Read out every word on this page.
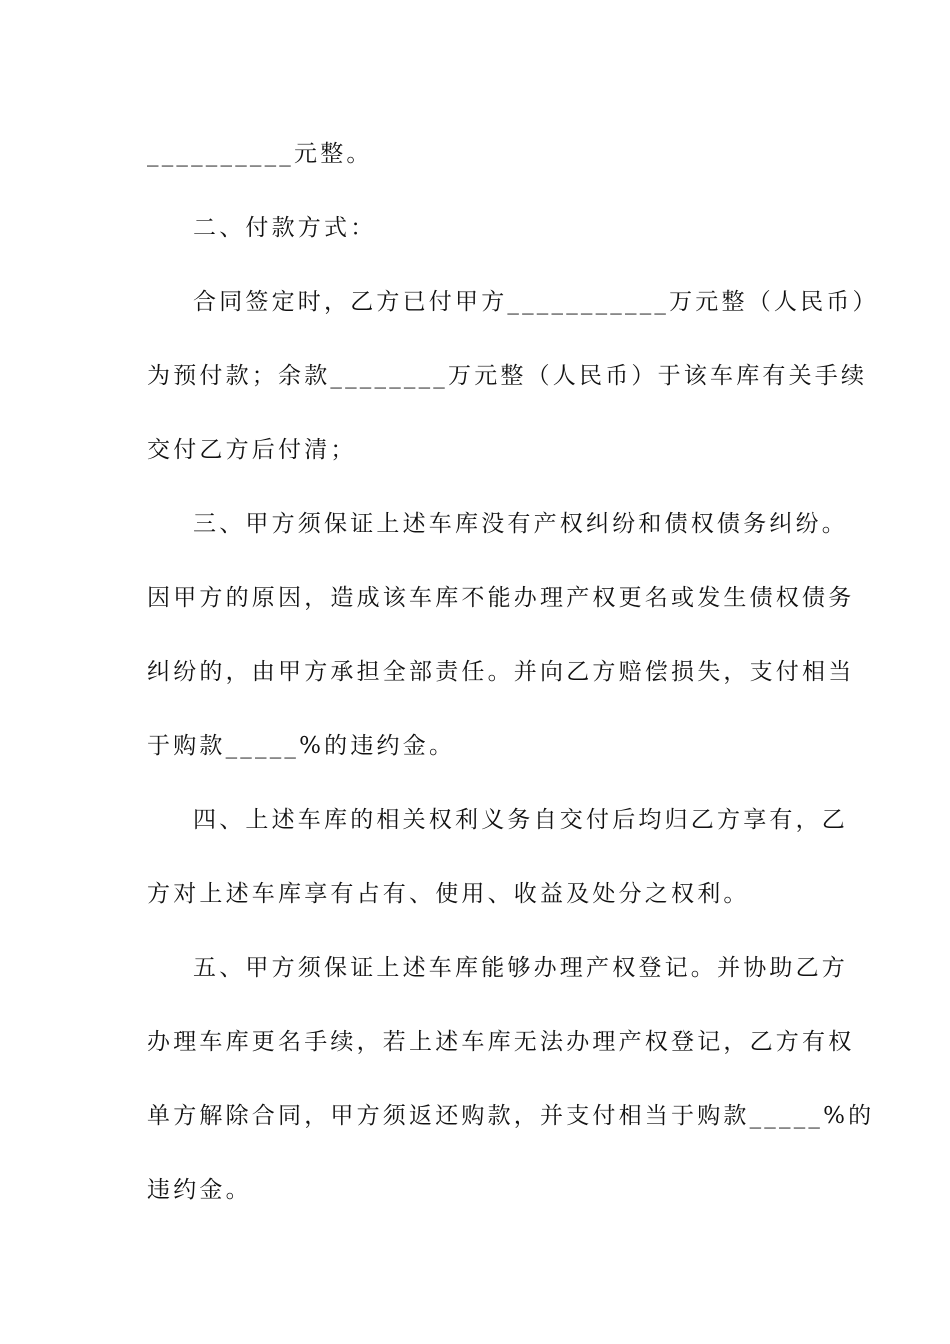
__________元整。
二、付款方式：
合同签定时，乙方已付甲方___________万元整（人民币）
为预付款；余款________万元整（人民币）于该车库有关手续
交付乙方后付清；
三、甲方须保证上述车库没有产权纠纷和债权债务纠纷。
因甲方的原因，造成该车库不能办理产权更名或发生债权债务
纠纷的，由甲方承担全部责任。并向乙方赔偿损失，支付相当
于购款_____%的违约金。
四、上述车库的相关权利义务自交付后均归乙方享有，乙
方对上述车库享有占有、使用、收益及处分之权利。
五、甲方须保证上述车库能够办理产权登记。并协助乙方
办理车库更名手续，若上述车库无法办理产权登记，乙方有权
单方解除合同，甲方须返还购款，并支付相当于购款_____%的
违约金。
